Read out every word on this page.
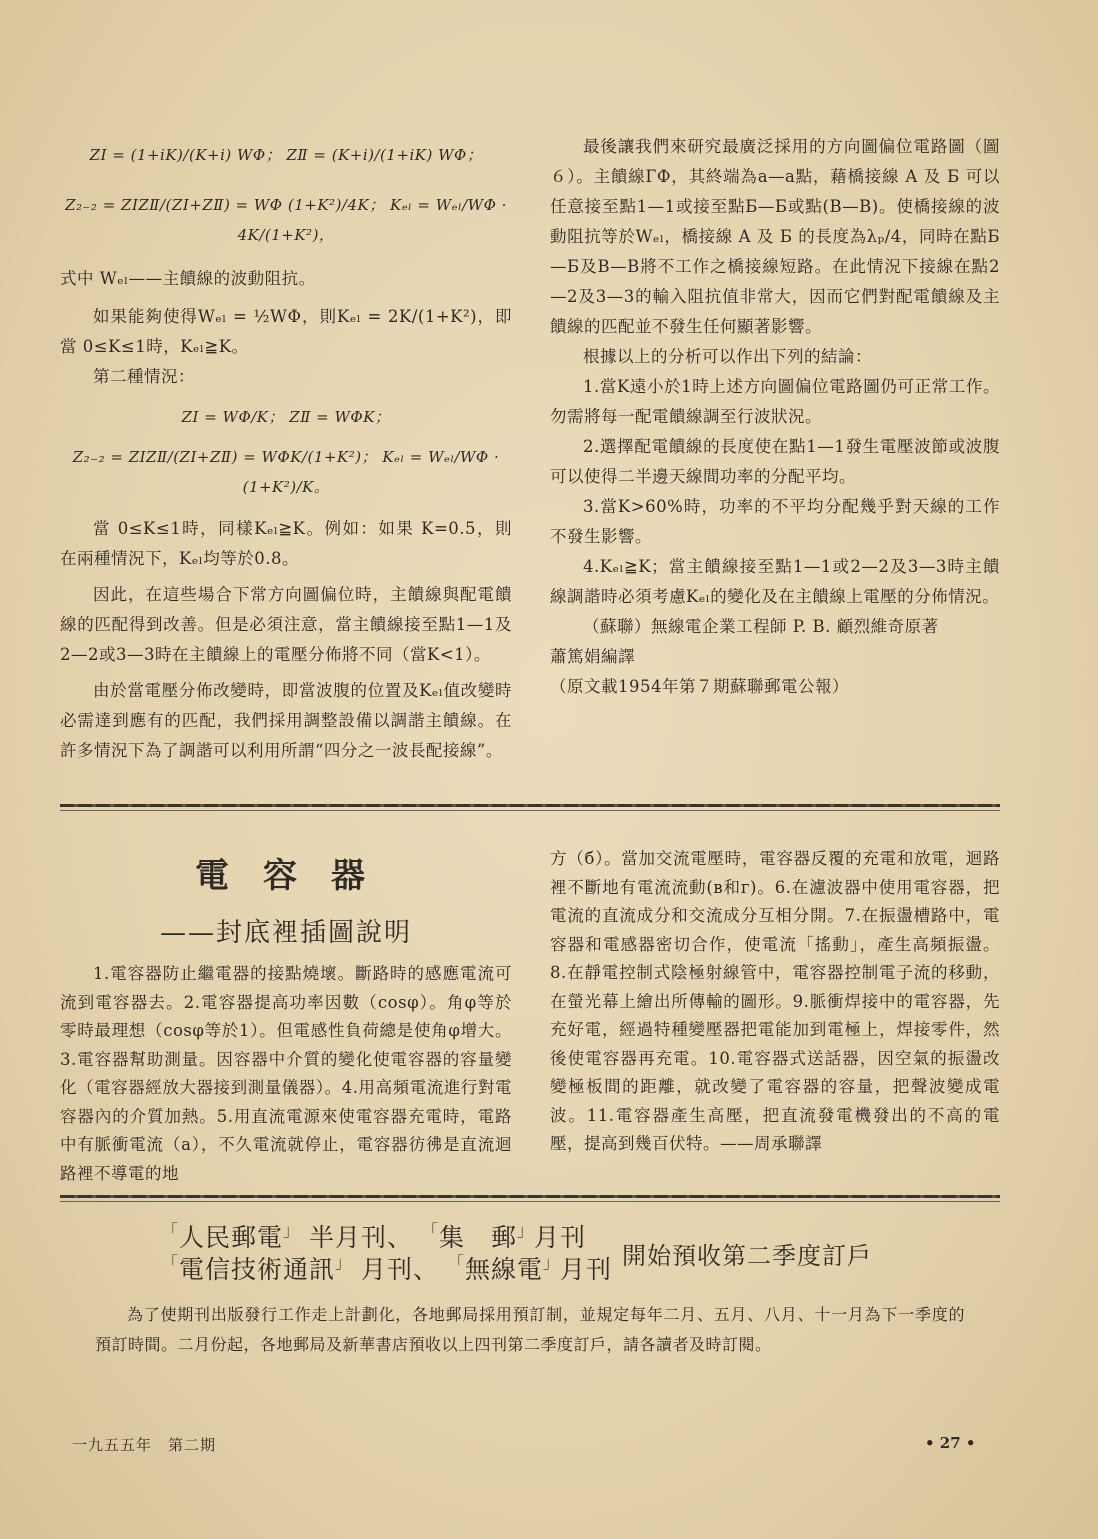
ZⅠ = (1+iK)/(K+i) WΦ； ZⅡ = (K+i)/(1+iK) WΦ；
Z₂₋₂ = ZⅠZⅡ/(ZⅠ+ZⅡ) = WΦ (1+K²)/4K； Kₑₗ = Wₑₗ/WΦ · 4K/(1+K²)，

式中 Wₑₗ——主饋線的波動阻抗。

如果能夠使得Wₑₗ = ½WΦ，則Kₑₗ = 2K/(1+K²)，即當 0≤K≤1時，Kₑₗ≧K。

第二種情況：

ZⅠ = WΦ/K； ZⅡ = WΦK；
Z₂₋₂ = ZⅠZⅡ/(ZⅠ+ZⅡ) = WΦK/(1+K²)； Kₑₗ = Wₑₗ/WΦ · (1+K²)/K。

當 0≤K≤1時，同樣Kₑₗ≧K。例如：如果 K=0.5，則在兩種情況下，Kₑₗ均等於0.8。

因此，在這些場合下常方向圖偏位時，主饋線與配電饋線的匹配得到改善。但是必須注意，當主饋線接至點1—1及2—2或3—3時在主饋線上的電壓分佈將不同（當K<1）。

由於當電壓分佈改變時，即當波腹的位置及Kₑₗ值改變時必需達到應有的匹配，我們採用調整設備以調諧主饋線。在許多情況下為了調諧可以利用所謂“四分之一波長配接線”。

最後讓我們來研究最廣泛採用的方向圖偏位電路圖（圖６）。主饋線ГФ，其終端為a—a點，藉橋接線 A 及 Б 可以任意接至點1—1或接至點Б—Б或點(В—В)。使橋接線的波動阻抗等於Wₑₗ，橋接線 A 及 Б 的長度為λₚ/4，同時在點Б—Б及В—В將不工作之橋接線短路。在此情況下接線在點2—2及3—3的輸入阻抗值非常大，因而它們對配電饋線及主饋線的匹配並不發生任何顯著影響。

根據以上的分析可以作出下列的結論：

1.當K遠小於1時上述方向圖偏位電路圖仍可正常工作。勿需將每一配電饋線調至行波狀況。

2.選擇配電饋線的長度使在點1—1發生電壓波節或波腹可以使得二半邊天線間功率的分配平均。

3.當K>60%時，功率的不平均分配幾乎對天線的工作不發生影響。

4.Kₑₗ≧K；當主饋線接至點1—1或2—2及3—3時主饋線調諧時必須考慮Kₑₗ的變化及在主饋線上電壓的分佈情況。

（蘇聯）無線電企業工程師 P. B. 顧烈維奇原著

蕭篤娟編譯

（原文載1954年第７期蘇聯郵電公報）

電容器
——封底裡插圖說明

1.電容器防止繼電器的接點燒壞。斷路時的感應電流可流到電容器去。2.電容器提高功率因數（cosφ）。角φ等於零時最理想（cosφ等於1）。但電感性負荷總是使角φ增大。3.電容器幫助測量。因容器中介質的變化使電容器的容量變化（電容器經放大器接到測量儀器）。4.用高頻電流進行對電容器內的介質加熱。5.用直流電源來使電容器充電時，電路中有脈衝電流（a），不久電流就停止，電容器彷彿是直流迴路裡不導電的地

方（б）。當加交流電壓時，電容器反覆的充電和放電，迴路裡不斷地有電流流動(в和г)。6.在濾波器中使用電容器，把電流的直流成分和交流成分互相分開。7.在振盪槽路中，電容器和電感器密切合作，使電流「搖動」，產生高頻振盪。8.在靜電控制式陰極射線管中，電容器控制電子流的移動，在螢光幕上繪出所傳輸的圖形。9.脈衝焊接中的電容器，先充好電，經過特種變壓器把電能加到電極上，焊接零件，然後使電容器再充電。10.電容器式送話器，因空氣的振盪改變極板間的距離，就改變了電容器的容量，把聲波變成電波。11.電容器產生高壓，把直流發電機發出的不高的電壓，提高到幾百伏特。——周承聯譯

「人民郵電」 半月刊、 「集　郵」月刊
「電信技術通訊」 月刊、 「無線電」月刊 開始預收第二季度訂戶

為了使期刊出版發行工作走上計劃化，各地郵局採用預訂制，並規定每年二月、五月、八月、十一月為下一季度的預訂時間。二月份起，各地郵局及新華書店預收以上四刊第二季度訂戶，請各讀者及時訂閱。

一九五五年　第二期	• 27 •
